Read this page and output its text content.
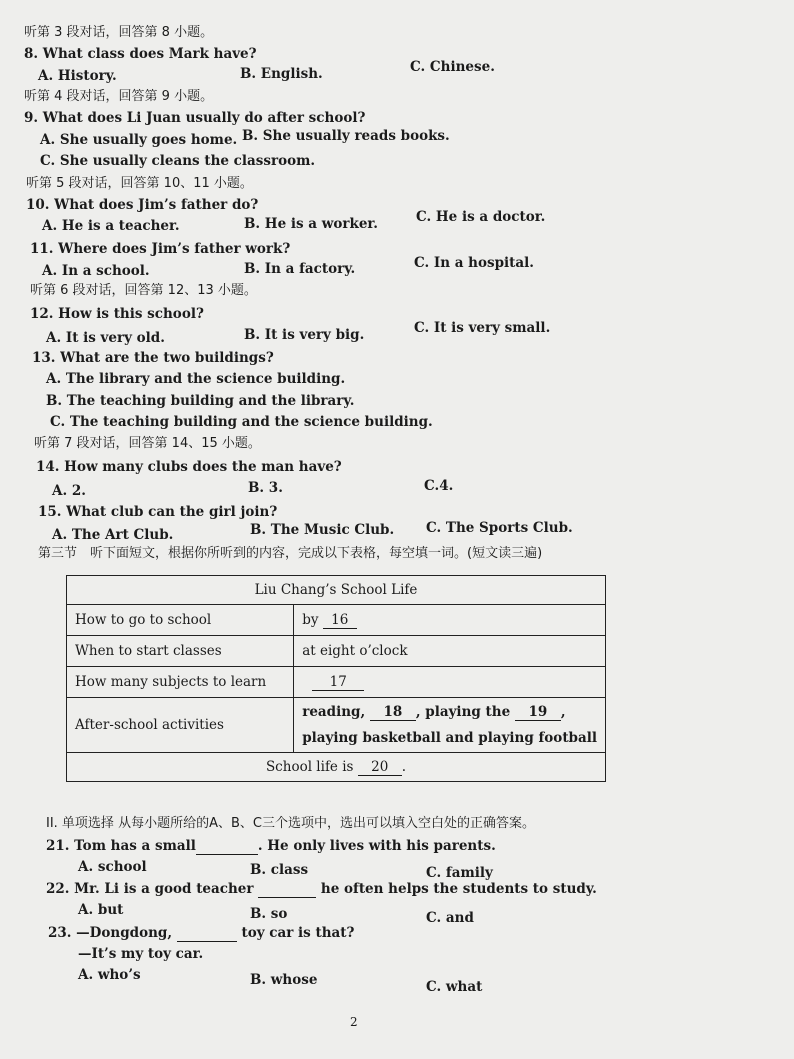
听第 3 段对话，回答第 8 小题。
8. What class does Mark have?
A. History.	B. English.	C. Chinese.
听第 4 段对话，回答第 9 小题。
9. What does Li Juan usually do after school?
A. She usually goes home. B. She usually reads books.
C. She usually cleans the classroom.
听第 5 段对话，回答第 10、11 小题。
10. What does Jim’s father do?
A. He is a teacher.	B. He is a worker.	C. He is a doctor.
11. Where does Jim’s father work?
A. In a school.	B. In a factory.	C. In a hospital.
听第 6 段对话，回答第 12、13 小题。
12. How is this school?
A. It is very old.	B. It is very big.	C. It is very small.
13. What are the two buildings?
A. The library and the science building.
B. The teaching building and the library.
C. The teaching building and the science building.
听第 7 段对话，回答第 14、15 小题。
14. How many clubs does the man have?
A. 2.	B. 3.	C.4.
15. What club can the girl join?
A. The Art Club.	B. The Music Club. C. The Sports Club.
第三节　听下面短文，根据你所听到的内容，完成以下表格，每空填一词。(短文读三遍)
Liu Chang’s School Life	
How to go to school	by 16
When to start classes	at eight o’clock
How many subjects to learn	17
After-school activities	reading, 18 , playing the 19 ,
playing basketball and playing football

School life is 20 .	
II. 单项选择 从每小题所给的A、B、C三个选项中，选出可以填入空白处的正确答案。
21. Tom has a small	. He only lives with his parents.
A. school	B. class	C. family
22. Mr. Li is a good teacher	he often helps the students to study.
A. but	B. so	C. and
23. —Dongdong,	toy car is that?
—It’s my toy car.
A. who’s	B. whose	C. what
2
